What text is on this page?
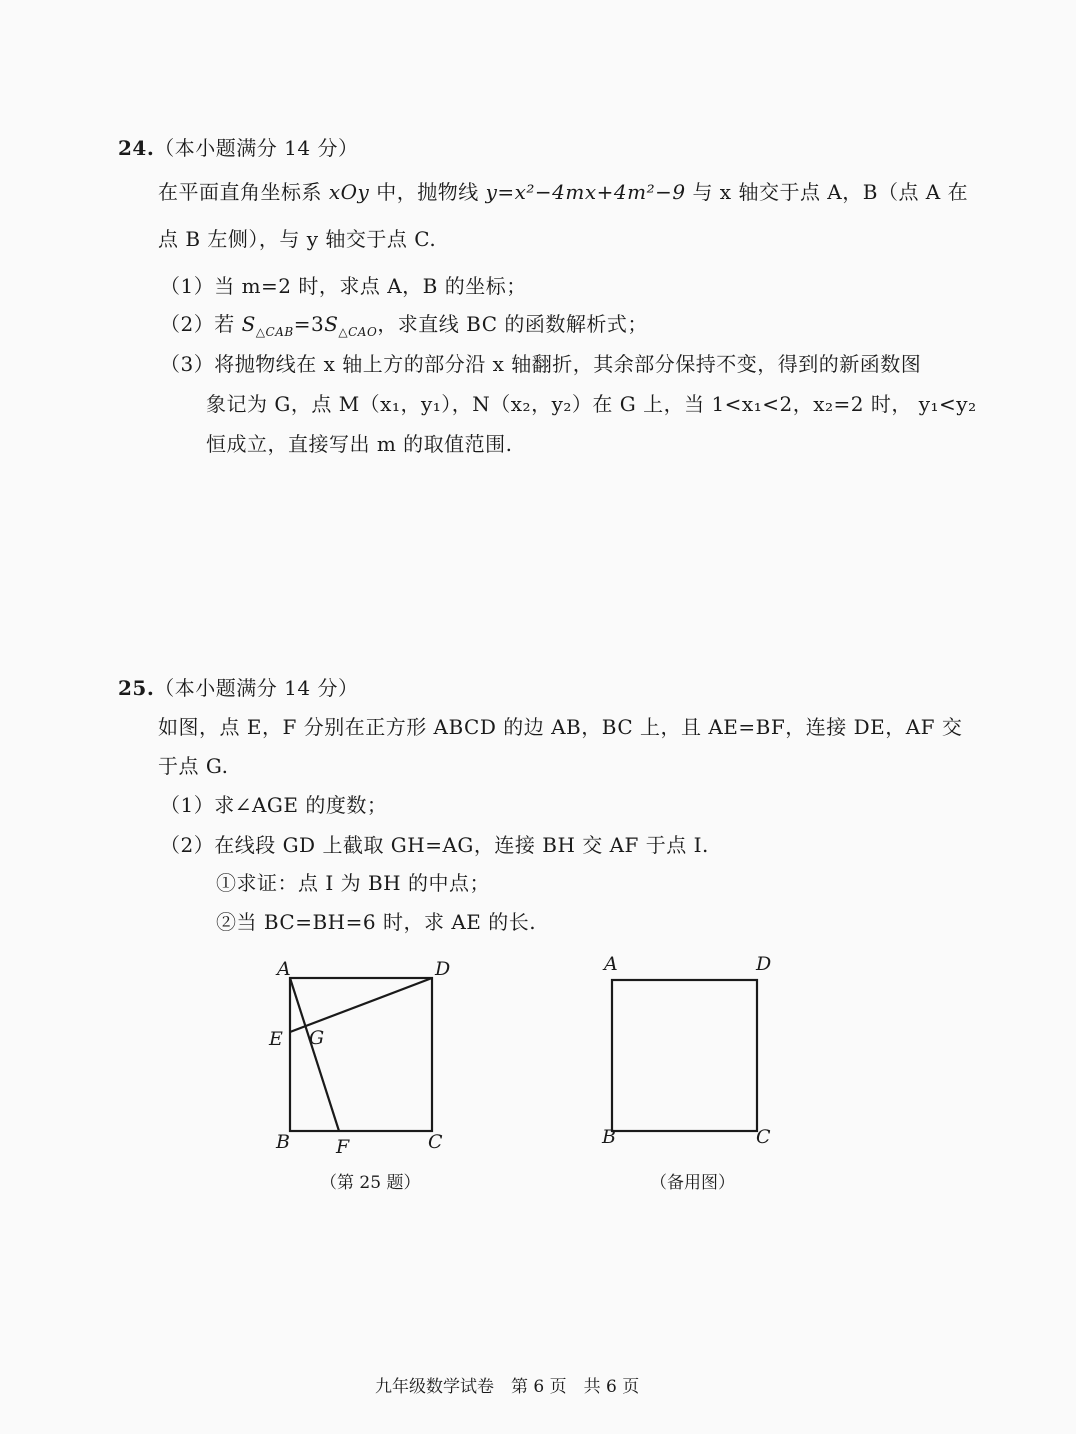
24.（本小题满分 14 分）
在平面直角坐标系 xOy 中，抛物线 y=x²−4mx+4m²−9 与 x 轴交于点 A，B（点 A 在
点 B 左侧），与 y 轴交于点 C.
（1）当 m=2 时，求点 A，B 的坐标；
（2）若 $S_{\triangle CAB}=3S_{\triangle CAO}$，求直线 BC 的函数解析式；
（3）将抛物线在 x 轴上方的部分沿 x 轴翻折，其余部分保持不变，得到的新函数图
象记为 G，点 M（x₁，y₁），N（x₂，y₂）在 G 上，当 1<x₁<2，x₂=2 时， y₁<y₂
恒成立，直接写出 m 的取值范围.
25.（本小题满分 14 分）
如图，点 E，F 分别在正方形 ABCD 的边 AB，BC 上，且 AE=BF，连接 DE，AF 交
于点 G.
（1）求∠AGE 的度数；
（2）在线段 GD 上截取 GH=AG，连接 BH 交 AF 于点 I.
①求证：点 I 为 BH 的中点；
②当 BC=BH=6 时，求 AE 的长.
A	D
E G
B F	C
（第 25 题）
A	D
B	C
（备用图）
九年级数学试卷　第 6 页　共 6 页
